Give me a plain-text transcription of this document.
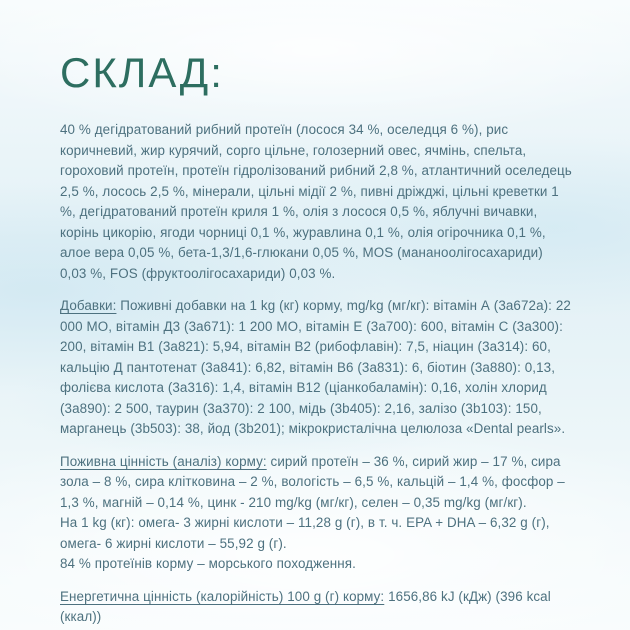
СКЛАД:

40 % дегідратований рибний протеїн (лосося 34 %, оселедця 6 %), рис коричневий, жир курячий, сорго цільне, голозерний овес, ячмінь, спельта, гороховий протеїн, протеїн гідролізований рибний 2,8 %, атлантичний оселедець 2,5 %, лосось 2,5 %, мінерали, цільні мідії 2 %, пивні дріжджі, цільні креветки 1 %, дегідратований протеїн криля 1 %, олія з лосося 0,5 %, яблучні вичавки, корінь цикорію, ягоди чорниці 0,1 %, журавлина 0,1 %, олія огірочника 0,1 %, алое вера 0,05 %, бета-1,3/1,6-глюкани 0,05 %, MOS (мананоолігосахариди) 0,03 %, FOS (фруктоолігосахариди) 0,03 %.

Добавки: Поживні добавки на 1 kg (кг) корму, mg/kg (мг/кг): вітамін А (3a672a): 22 000 МО, вітамін Д3 (3a671): 1 200 МО, вітамін Е (3a700): 600, вітамін С (3a300): 200, вітамін В1 (3a821): 5,94, вітамін В2 (рибофлавін): 7,5, ніацин (3a314): 60, кальцію Д пантотенат (3a841): 6,82, вітамін В6 (3a831): 6, біотин (3a880): 0,13, фолієва кислота (3a316): 1,4, вітамін В12 (ціанкобаламін): 0,16, холін хлорид (3a890): 2 500, таурин (3a370): 2 100, мідь (3b405): 2,16, залізо (3b103): 150, марганець (3b503): 38, йод (3b201); мікрокристалічна целюлоза «Dental pearls».

Поживна цінність (аналіз) корму: сирий протеїн – 36 %, сирий жир – 17 %, сира зола – 8 %, сира клітковина – 2 %, вологість – 6,5 %, кальцій – 1,4 %, фосфор – 1,3 %, магній – 0,14 %, цинк - 210 mg/kg (мг/кг), селен – 0,35 mg/kg (мг/кг).
На 1 kg (кг): омега- 3 жирні кислоти – 11,28 g (г), в т. ч. EPA + DHA – 6,32 g (г), омега- 6 жирні кислоти – 55,92 g (г).
84 % протеїнів корму – морського походження.

Енергетична цінність (калорійність) 100 g (г) корму: 1656,86 kJ (кДж) (396 kcal (ккал))
